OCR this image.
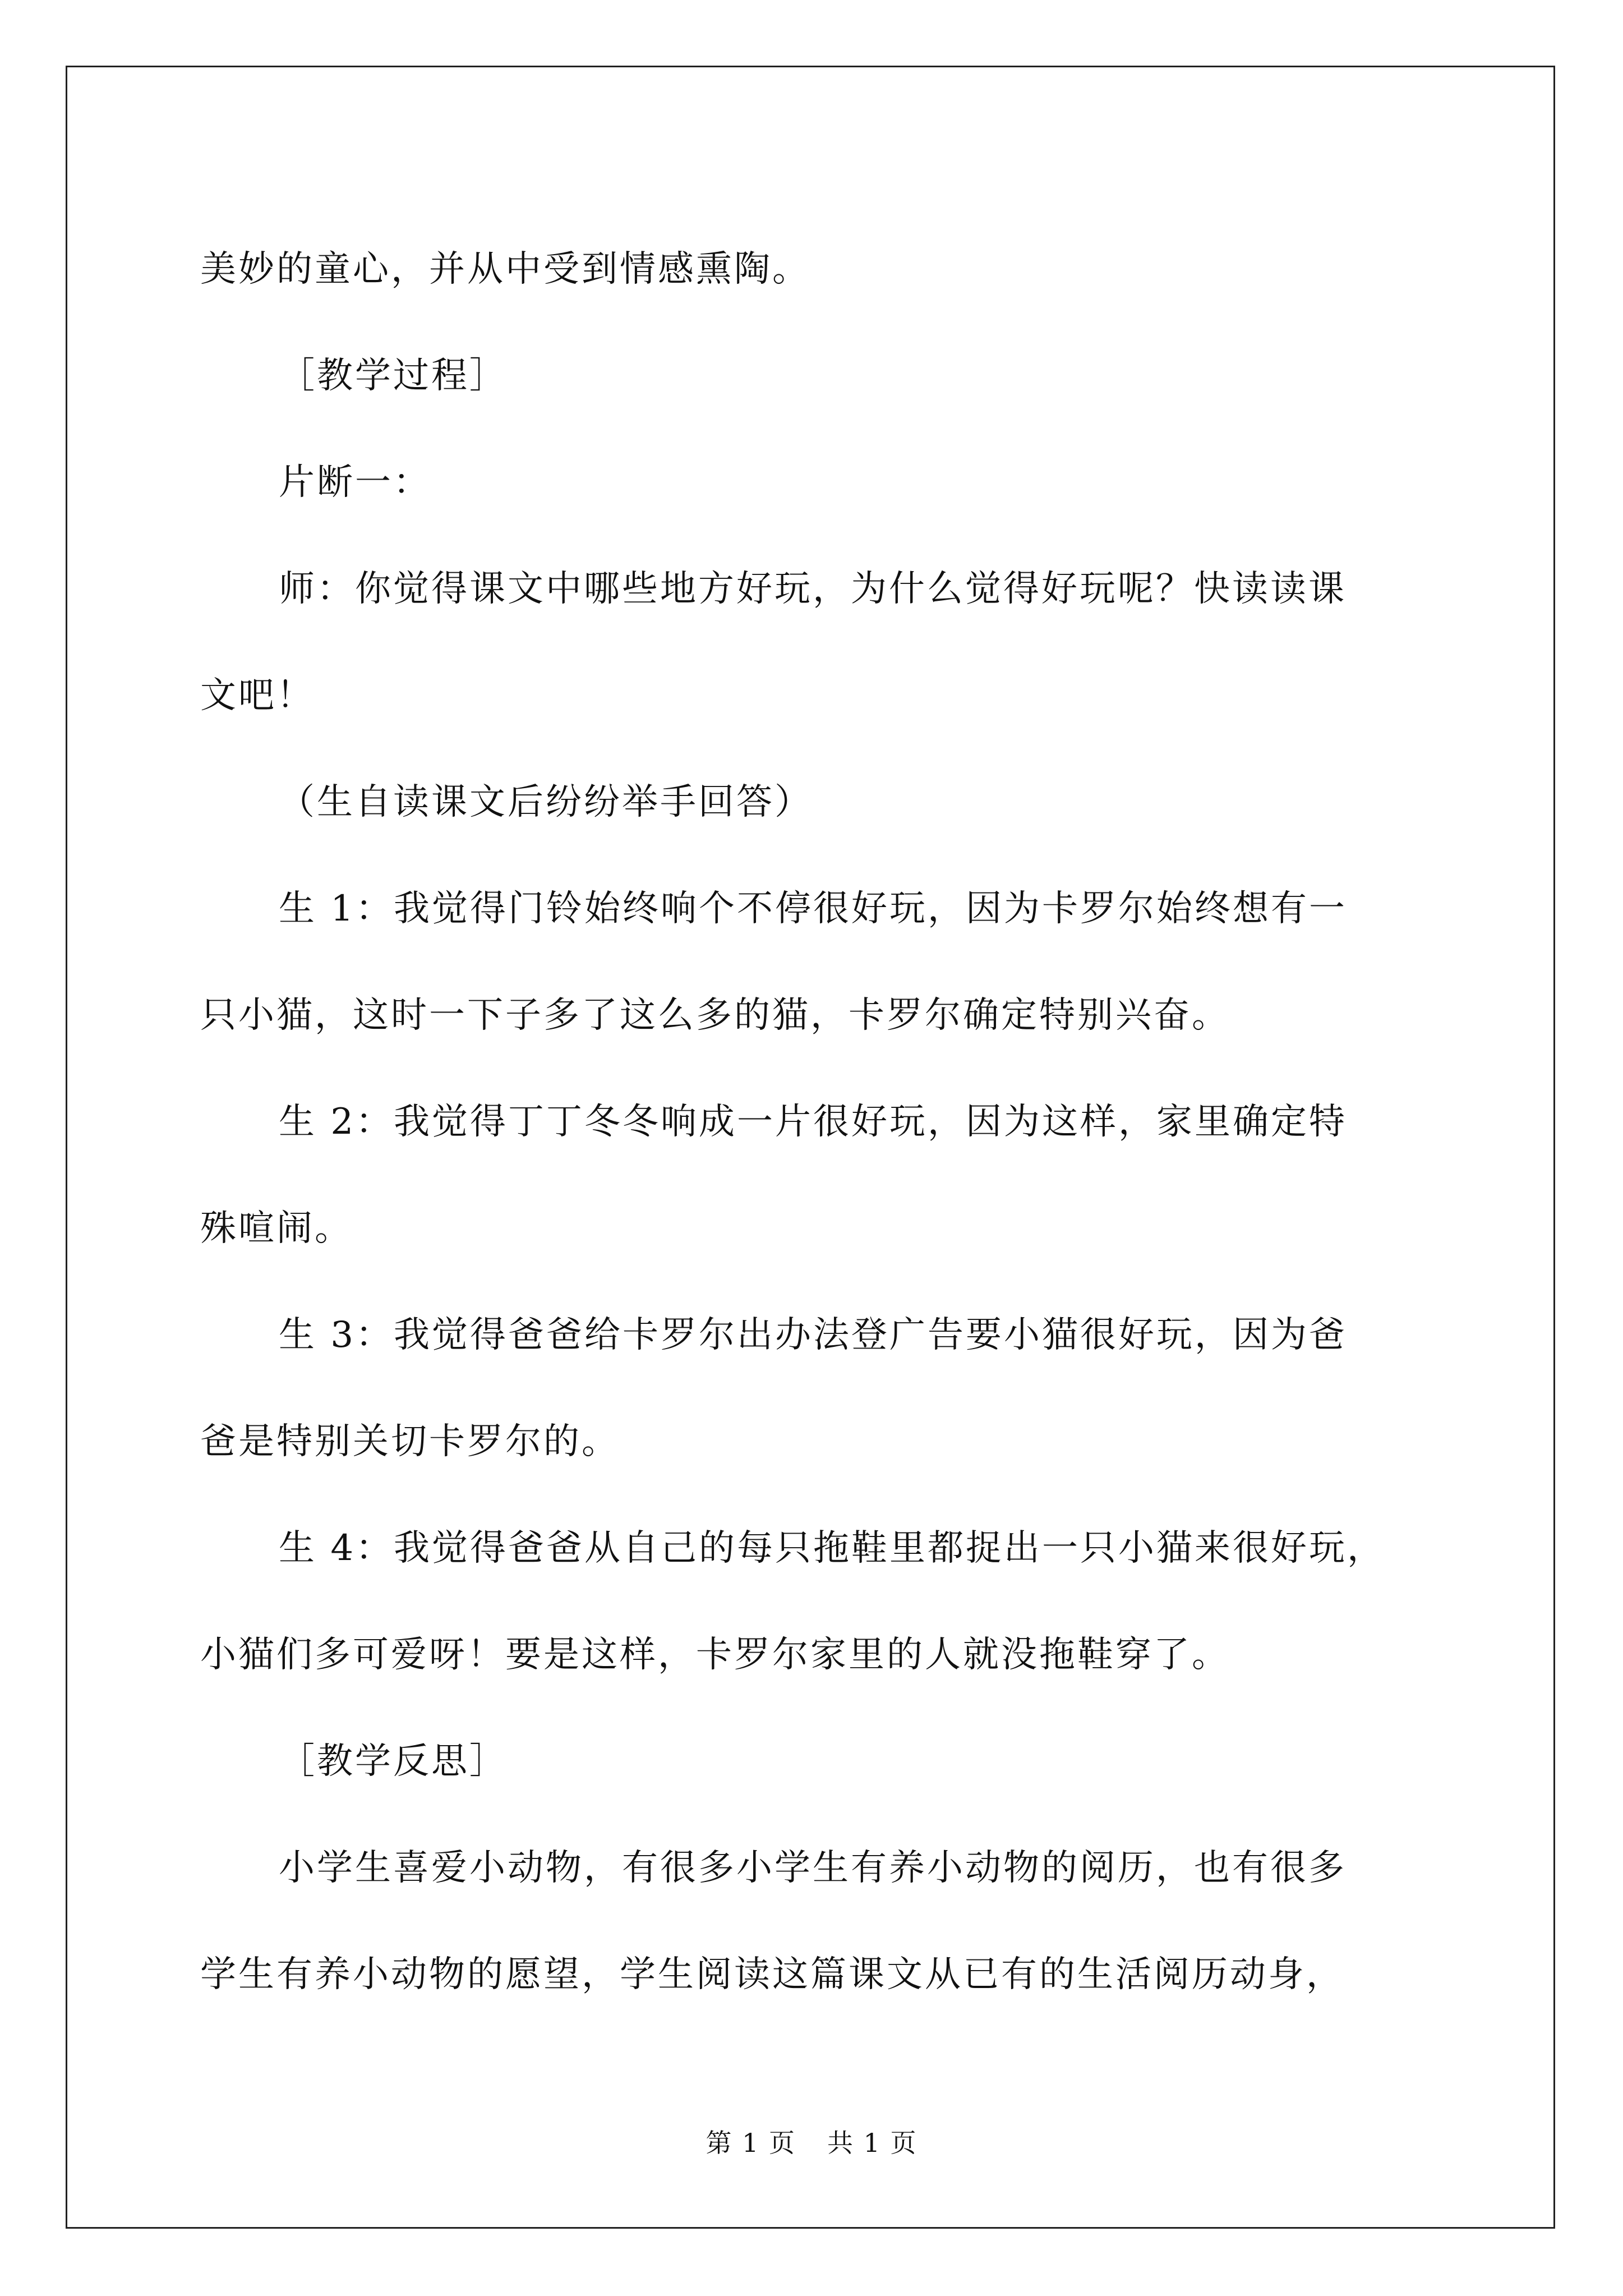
美妙的童心，并从中受到情感熏陶。

［教学过程］

片断一：

师：你觉得课文中哪些地方好玩，为什么觉得好玩呢？快读读课

文吧！

（生自读课文后纷纷举手回答）

生 1：我觉得门铃始终响个不停很好玩，因为卡罗尔始终想有一

只小猫，这时一下子多了这么多的猫，卡罗尔确定特别兴奋。

生 2：我觉得丁丁冬冬响成一片很好玩，因为这样，家里确定特

殊喧闹。

生 3：我觉得爸爸给卡罗尔出办法登广告要小猫很好玩，因为爸

爸是特别关切卡罗尔的。

生 4：我觉得爸爸从自己的每只拖鞋里都捉出一只小猫来很好玩，

小猫们多可爱呀！要是这样，卡罗尔家里的人就没拖鞋穿了。

［教学反思］

小学生喜爱小动物，有很多小学生有养小动物的阅历，也有很多

学生有养小动物的愿望，学生阅读这篇课文从已有的生活阅历动身，

第 1 页 共 1 页
